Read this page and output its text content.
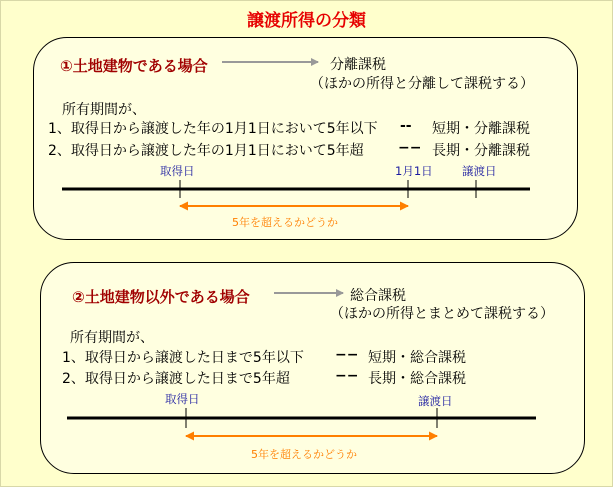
譲渡所得の分類
①土地建物である場合	分離課税
（ほかの所得と分離して課税する）
所有期間が、
1、取得日から譲渡した年の1月1日において5年以下 -- 短期・分離課税
2、取得日から譲渡した年の1月1日において5年超 −− 長期・分離課税
取得日	1月1日	譲渡日
5年を超えるかどうか
②土地建物以外である場合	総合課税
（ほかの所得とまとめて課税する）
所有期間が、
1、取得日から譲渡した日まで5年以下 −− 短期・総合課税
2、取得日から譲渡した日まで5年超	−− 長期・総合課税
取得日	譲渡日
5年を超えるかどうか
